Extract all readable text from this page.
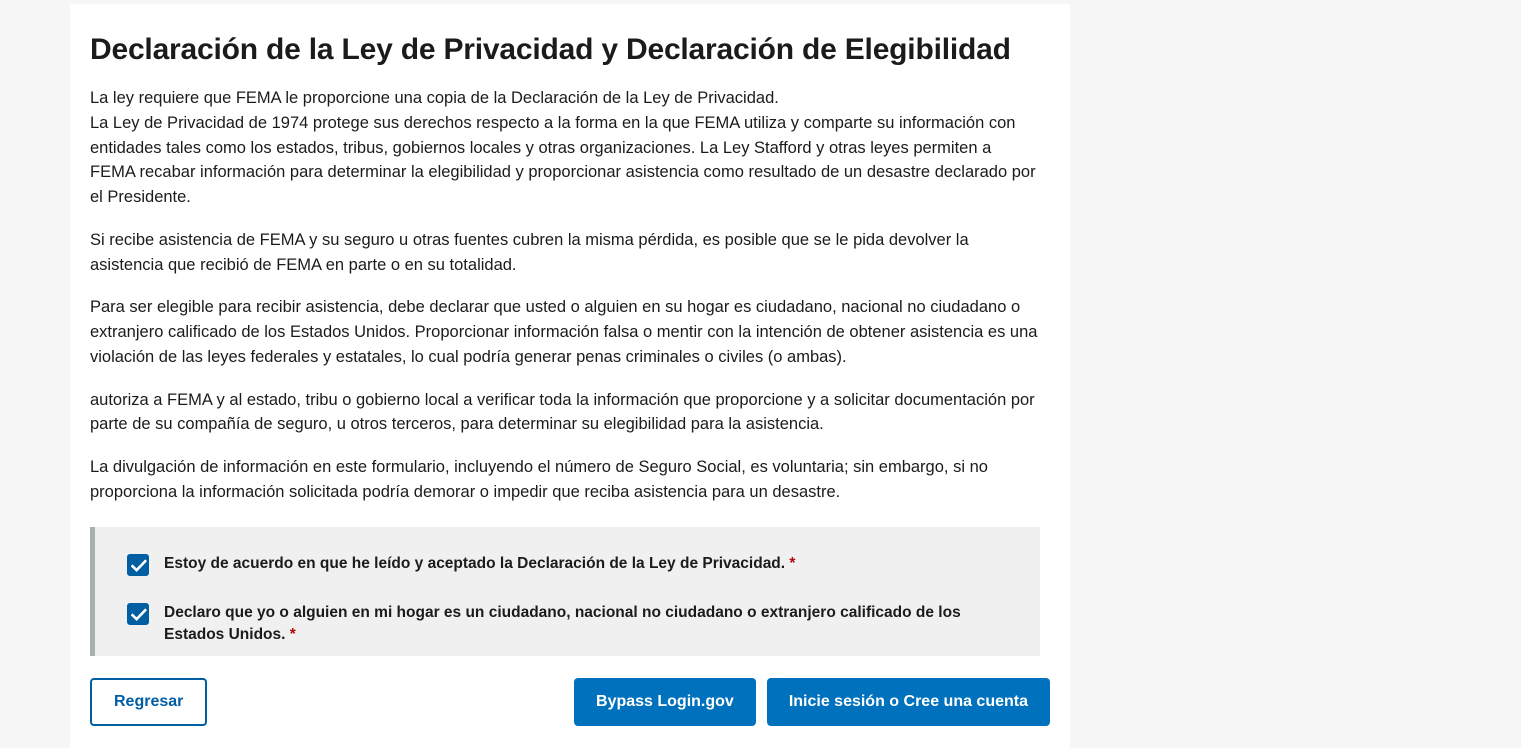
Declaración de la Ley de Privacidad y Declaración de Elegibilidad

La ley requiere que FEMA le proporcione una copia de la Declaración de la Ley de Privacidad.

La Ley de Privacidad de 1974 protege sus derechos respecto a la forma en la que FEMA utiliza y comparte su información con entidades tales como los estados, tribus, gobiernos locales y otras organizaciones. La Ley Stafford y otras leyes permiten a FEMA recabar información para determinar la elegibilidad y proporcionar asistencia como resultado de un desastre declarado por el Presidente.

Si recibe asistencia de FEMA y su seguro u otras fuentes cubren la misma pérdida, es posible que se le pida devolver la asistencia que recibió de FEMA en parte o en su totalidad.

Para ser elegible para recibir asistencia, debe declarar que usted o alguien en su hogar es ciudadano, nacional no ciudadano o extranjero calificado de los Estados Unidos. Proporcionar información falsa o mentir con la intención de obtener asistencia es una violación de las leyes federales y estatales, lo cual podría generar penas criminales o civiles (o ambas).

autoriza a FEMA y al estado, tribu o gobierno local a verificar toda la información que proporcione y a solicitar documentación por parte de su compañía de seguro, u otros terceros, para determinar su elegibilidad para la asistencia.

La divulgación de información en este formulario, incluyendo el número de Seguro Social, es voluntaria; sin embargo, si no proporciona la información solicitada podría demorar o impedir que reciba asistencia para un desastre.

Estoy de acuerdo en que he leído y aceptado la Declaración de la Ley de Privacidad. *
Declaro que yo o alguien en mi hogar es un ciudadano, nacional no ciudadano o extranjero calificado de los Estados Unidos. *
Regresar	Bypass Login.gov	Inicie sesión o Cree una cuenta
